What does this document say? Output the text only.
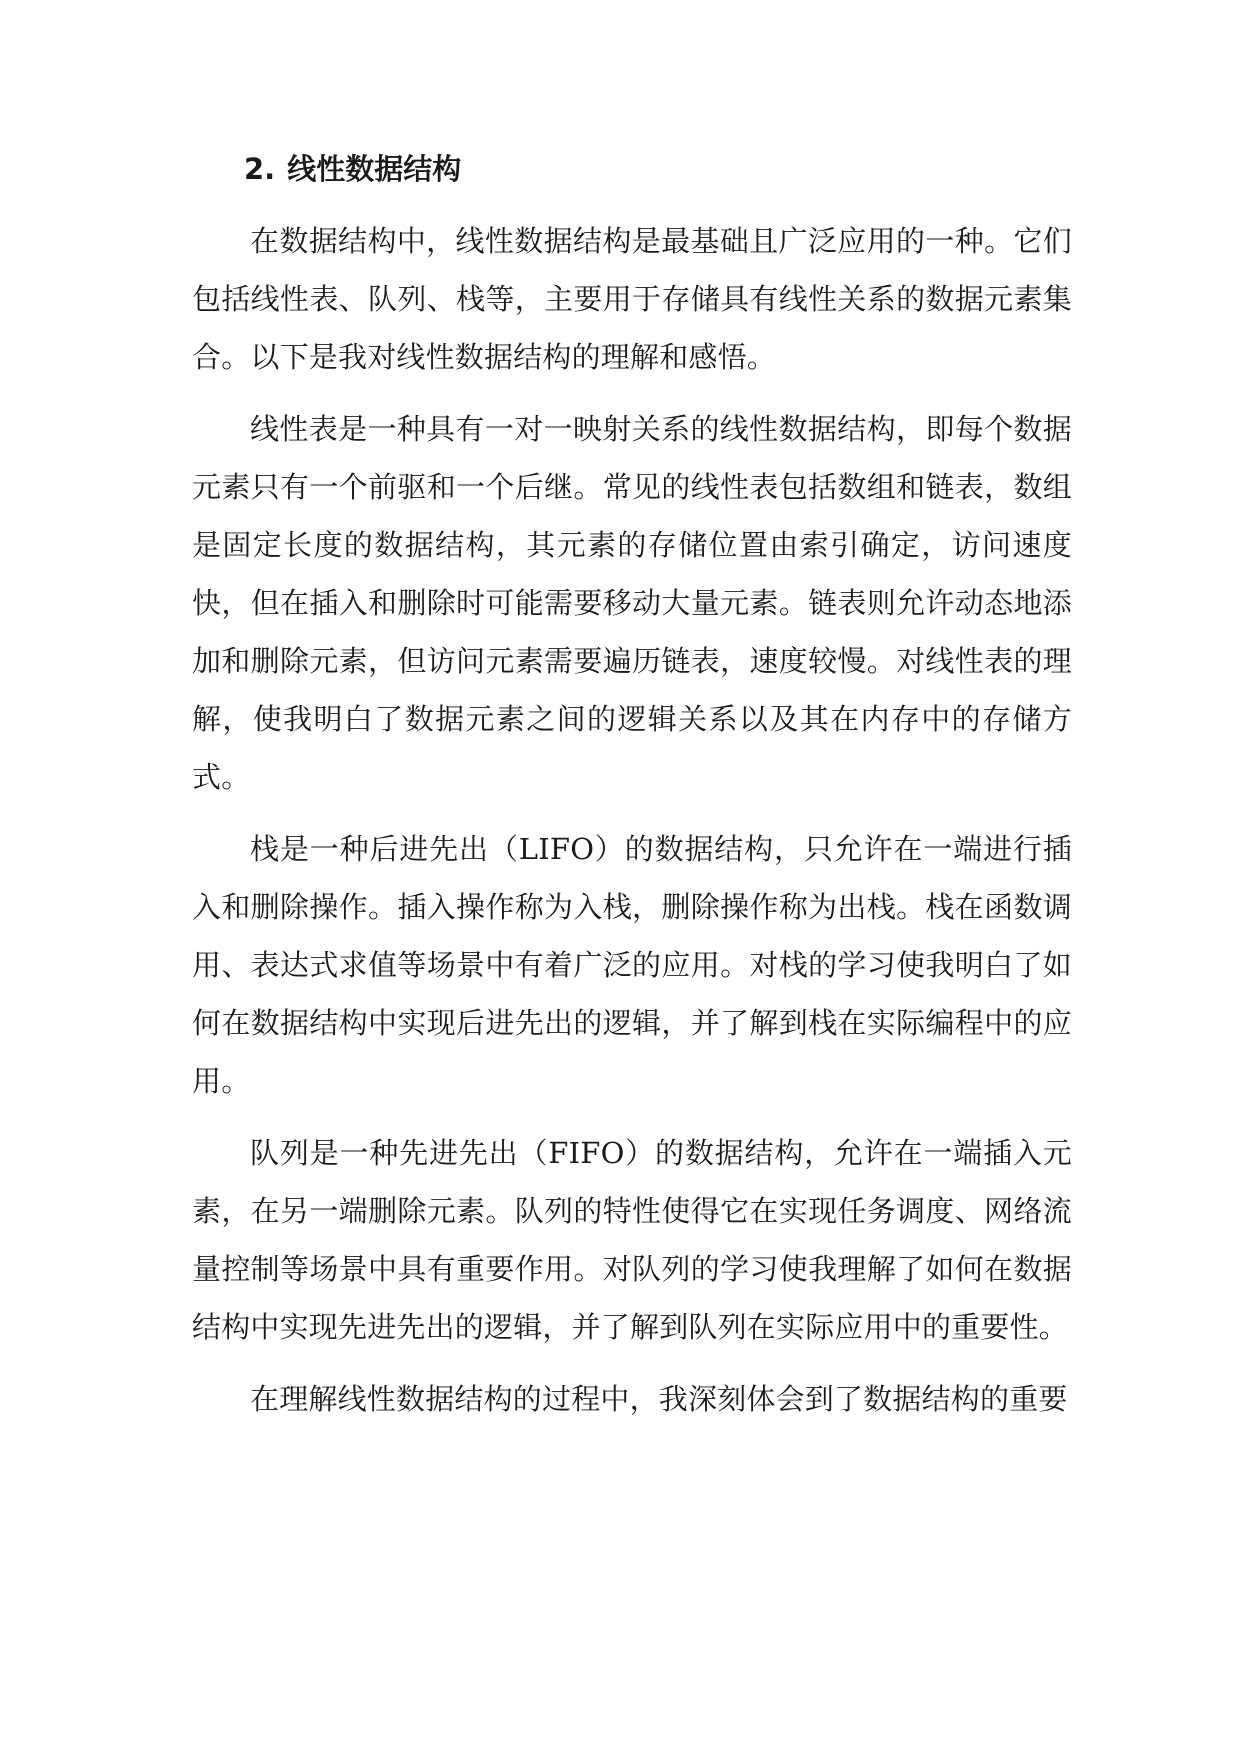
2. 线性数据结构

在数据结构中，线性数据结构是最基础且广泛应用的一种。它们包括线性表、队列、栈等，主要用于存储具有线性关系的数据元素集合。以下是我对线性数据结构的理解和感悟。

线性表是一种具有一对一映射关系的线性数据结构，即每个数据元素只有一个前驱和一个后继。常见的线性表包括数组和链表，数组是固定长度的数据结构，其元素的存储位置由索引确定，访问速度快，但在插入和删除时可能需要移动大量元素。链表则允许动态地添加和删除元素，但访问元素需要遍历链表，速度较慢。对线性表的理解，使我明白了数据元素之间的逻辑关系以及其在内存中的存储方式。

栈是一种后进先出（LIFO）的数据结构，只允许在一端进行插入和删除操作。插入操作称为入栈，删除操作称为出栈。栈在函数调用、表达式求值等场景中有着广泛的应用。对栈的学习使我明白了如何在数据结构中实现后进先出的逻辑，并了解到栈在实际编程中的应用。

队列是一种先进先出（FIFO）的数据结构，允许在一端插入元素，在另一端删除元素。队列的特性使得它在实现任务调度、网络流量控制等场景中具有重要作用。对队列的学习使我理解了如何在数据结构中实现先进先出的逻辑，并了解到队列在实际应用中的重要性。

在理解线性数据结构的过程中，我深刻体会到了数据结构的重要
